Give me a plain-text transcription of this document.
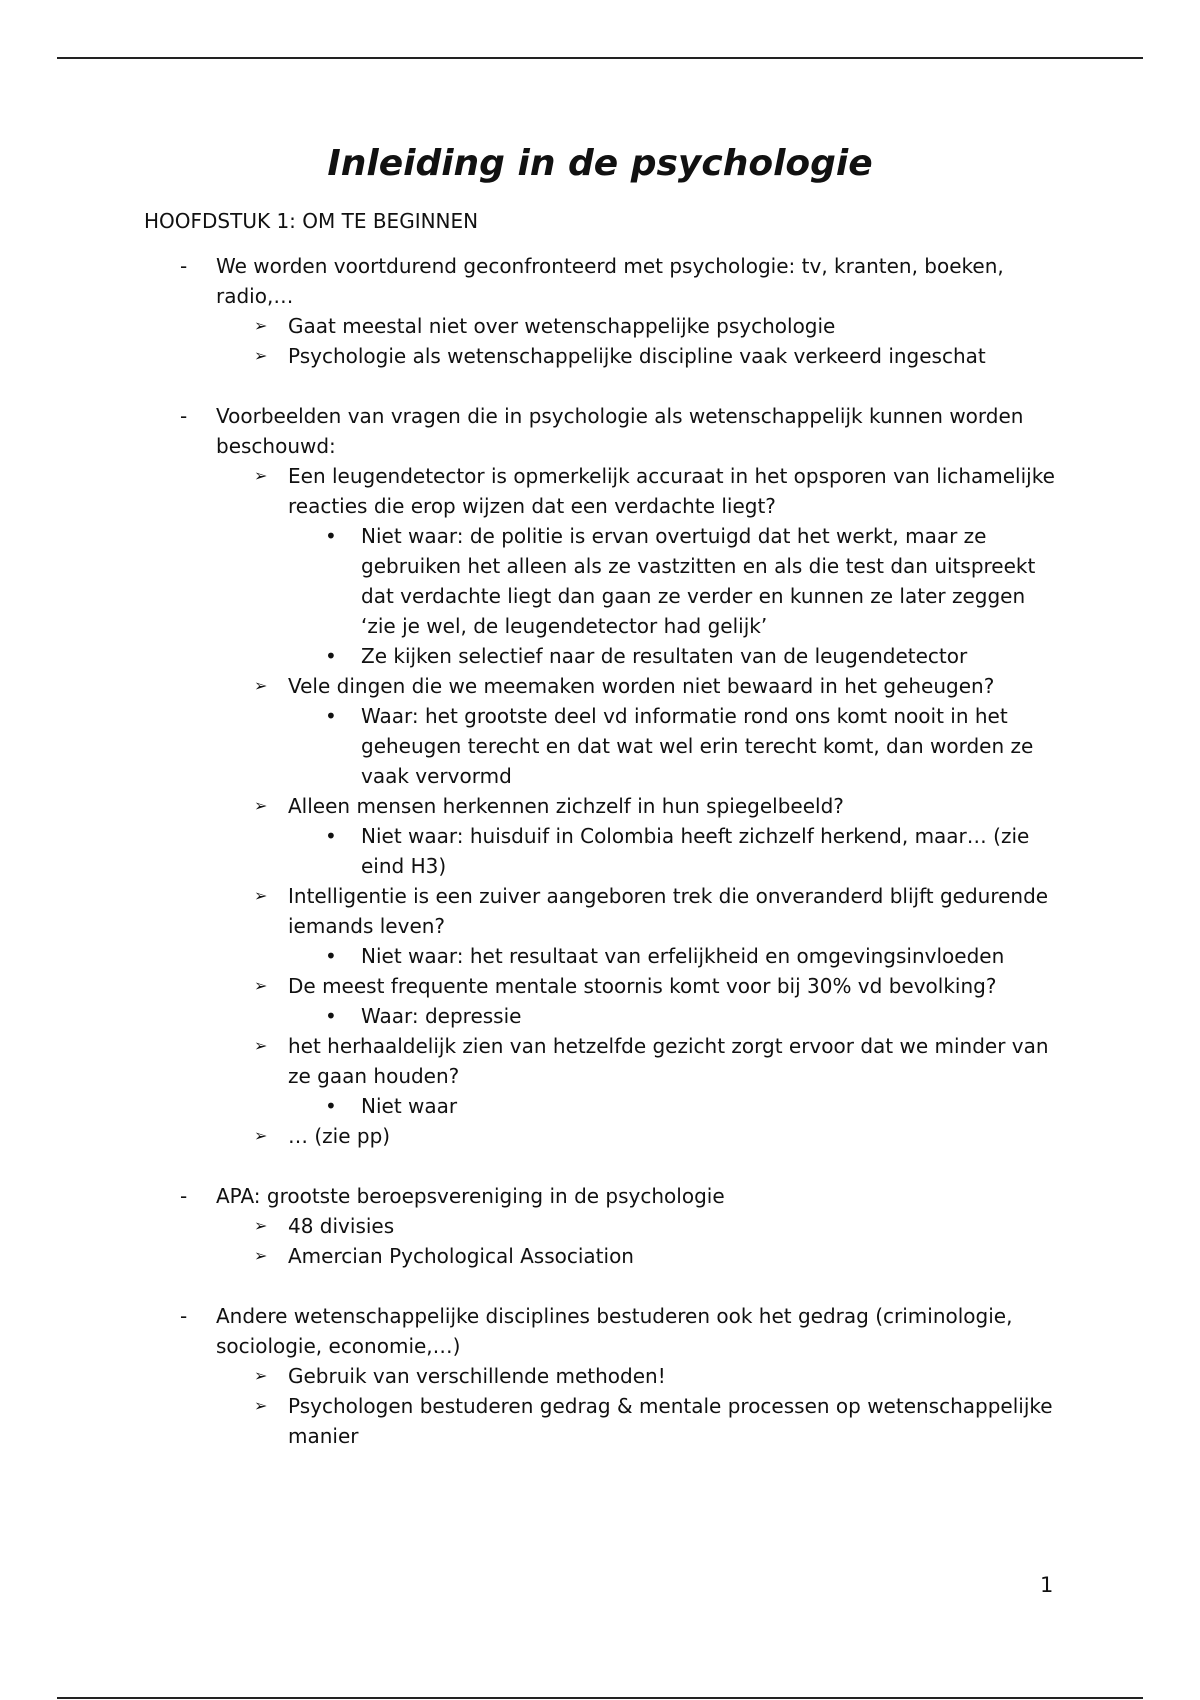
Inleiding in de psychologie
HOOFDSTUK 1: OM TE BEGINNEN
-	We worden voortdurend geconfronteerd met psychologie: tv, kranten, boeken, radio,…
➢ Gaat meestal niet over wetenschappelijke psychologie
➢ Psychologie als wetenschappelijke discipline vaak verkeerd ingeschat
-	Voorbeelden van vragen die in psychologie als wetenschappelijk kunnen worden beschouwd:
➢ Een leugendetector is opmerkelijk accuraat in het opsporen van lichamelijke reacties die erop wijzen dat een verdachte liegt?
• Niet waar: de politie is ervan overtuigd dat het werkt, maar ze gebruiken het alleen als ze vastzitten en als die test dan uitspreekt dat verdachte liegt dan gaan ze verder en kunnen ze later zeggen ‘zie je wel, de leugendetector had gelijk’
• Ze kijken selectief naar de resultaten van de leugendetector
➢ Vele dingen die we meemaken worden niet bewaard in het geheugen?
• Waar: het grootste deel vd informatie rond ons komt nooit in het geheugen terecht en dat wat wel erin terecht komt, dan worden ze vaak vervormd
➢ Alleen mensen herkennen zichzelf in hun spiegelbeeld?
• Niet waar: huisduif in Colombia heeft zichzelf herkend, maar… (zie eind H3)
➢ Intelligentie is een zuiver aangeboren trek die onveranderd blijft gedurende iemands leven?
• Niet waar: het resultaat van erfelijkheid en omgevingsinvloeden
➢ De meest frequente mentale stoornis komt voor bij 30% vd bevolking?
• Waar: depressie
➢ het herhaaldelijk zien van hetzelfde gezicht zorgt ervoor dat we minder van ze gaan houden?
• Niet waar
➢ … (zie pp)
-	APA: grootste beroepsvereniging in de psychologie
➢ 48 divisies
➢ Amercian Pychological Association
-	Andere wetenschappelijke disciplines bestuderen ook het gedrag (criminologie, sociologie, economie,…)
➢ Gebruik van verschillende methoden!
➢ Psychologen bestuderen gedrag & mentale processen op wetenschappelijke manier

1
